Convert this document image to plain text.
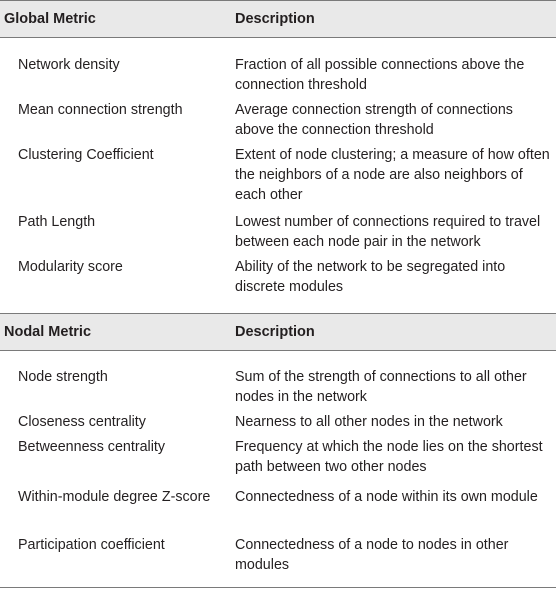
Global Metric	Description
Network density	Fraction of all possible connections above the connection threshold
Mean connection strength	Average connection strength of connections above the connection threshold
Clustering Coefficient	Extent of node clustering; a measure of how often the neighbors of a node are also neighbors of each other
Path Length	Lowest number of connections required to travel between each node pair in the network
Modularity score	Ability of the network to be segregated into discrete modules
Nodal Metric	Description
Node strength	Sum of the strength of connections to all other nodes in the network
Closeness centrality	Nearness to all other nodes in the network
Betweenness centrality	Frequency at which the node lies on the shortest path between two other nodes
Within-module degree Z-score	Connectedness of a node within its own module
Participation coefficient	Connectedness of a node to nodes in other modules
